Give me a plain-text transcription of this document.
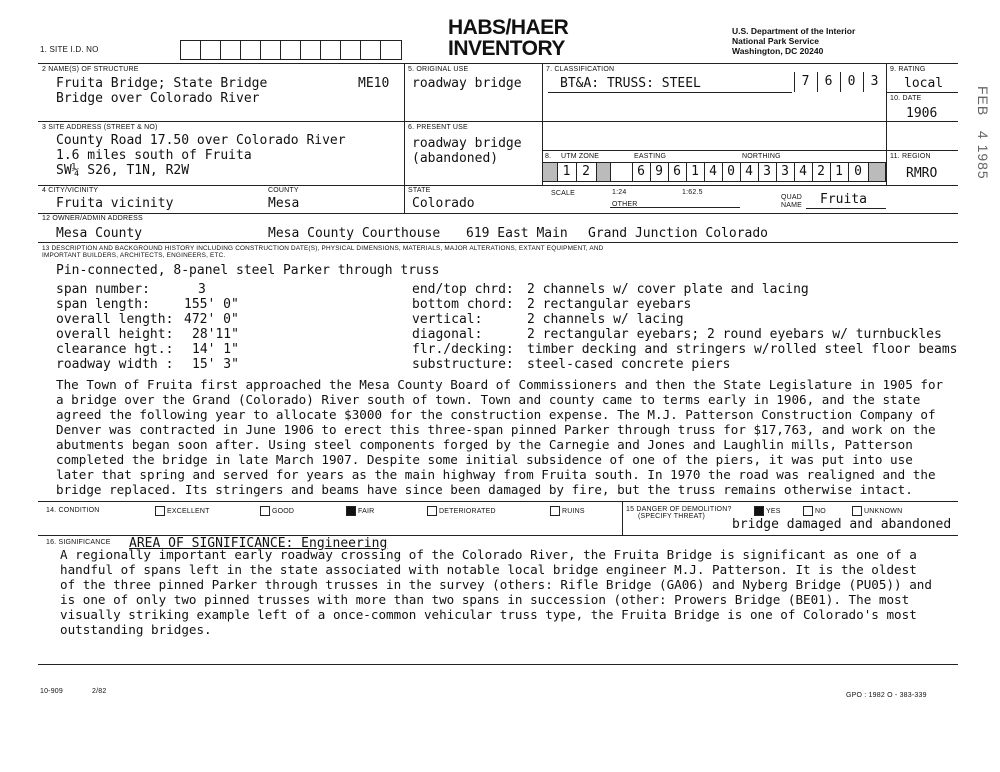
1. SITE I.D. NO
HABS/HAER
INVENTORY
U.S. Department of the Interior
National Park Service
Washington, DC 20240
2 NAME(S) OF STRUCTURE
Fruita Bridge; State Bridge	ME10
Bridge over Colorado River
5. ORIGINAL USE
roadway bridge
7. CLASSIFICATION
BT&A: TRUSS: STEEL	7	6	0	3
9. RATING
local
10. DATE
1906
3 SITE ADDRESS (STREET & NO)
County Road 17.50 over Colorado River
1.6 miles south of Fruita
SW¼ S26, T1N, R2W
6. PRESENT USE
roadway bridge
(abandoned)	8. UTM ZONE	EASTING	NORTHING
1 2	6 9 6 1 4 0 4 3 3 4 2 1 0
11. REGION
RMRO
4 CITY/VICINITY
Fruita vicinity
COUNTY
Mesa
STATE
Colorado
SCALE	1:24	1:62.5
OTHER
QUAD
NAME Fruita
12 OWNER/ADMIN ADDRESS
Mesa County	Mesa County Courthouse 619 East Main Grand Junction Colorado
13 DESCRIPTION AND BACKGROUND HISTORY INCLUDING CONSTRUCTION DATE(S), PHYSICAL DIMENSIONS, MATERIALS, MAJOR ALTERATIONS, EXTANT EQUIPMENT, AND
IMPORTANT BUILDERS, ARCHITECTS, ENGINEERS, ETC.
Pin-connected, 8-panel steel Parker through truss
span number:	3
span length:	155' 0"
overall length: 472' 0"
overall height: 28'11"
clearance hgt.: 14' 1"
roadway width : 15' 3"
end/top chrd: 2 channels w/ cover plate and lacing
bottom chord: 2 rectangular eyebars
vertical:	2 channels w/ lacing
diagonal:	2 rectangular eyebars; 2 round eyebars w/ turnbuckles
flr./decking: timber decking and stringers w/rolled steel floor beams
substructure: steel-cased concrete piers
The Town of Fruita first approached the Mesa County Board of Commissioners and then the State Legislature in 1905 for
a bridge over the Grand (Colorado) River south of town. Town and county came to terms early in 1906, and the state
agreed the following year to allocate $3000 for the construction expense. The M.J. Patterson Construction Company of
Denver was contracted in June 1906 to erect this three-span pinned Parker through truss for $17,763, and work on the
abutments began soon after. Using steel components forged by the Carnegie and Jones and Laughlin mills, Patterson
completed the bridge in late March 1907. Despite some initial subsidence of one of the piers, it was put into use
later that spring and served for years as the main highway from Fruita south. In 1970 the road was realigned and the
bridge replaced. Its stringers and beams have since been damaged by fire, but the truss remains otherwise intact.
14. CONDITION	EXCELLENT	GOOD	FAIR	DETERIORATED	RUINS	15 DANGER OF DEMOLITION?
(SPECIFY THREAT)
YES	NO	UNKNOWN
bridge damaged and abandoned
16. SIGNIFICANCE AREA OF SIGNIFICANCE: Engineering
A regionally important early roadway crossing of the Colorado River, the Fruita Bridge is significant as one of a
handful of spans left in the state associated with notable local bridge engineer M.J. Patterson. It is the oldest
of the three pinned Parker through trusses in the survey (others: Rifle Bridge (GA06) and Nyberg Bridge (PU05)) and
is one of only two pinned trusses with more than two spans in succession (other: Prowers Bridge (BE01). The most
visually striking example left of a once-common vehicular truss type, the Fruita Bridge is one of Colorado's most
outstanding bridges.
10-909	2/82
GPO : 1982 O - 383-339
FEB   4 1985
